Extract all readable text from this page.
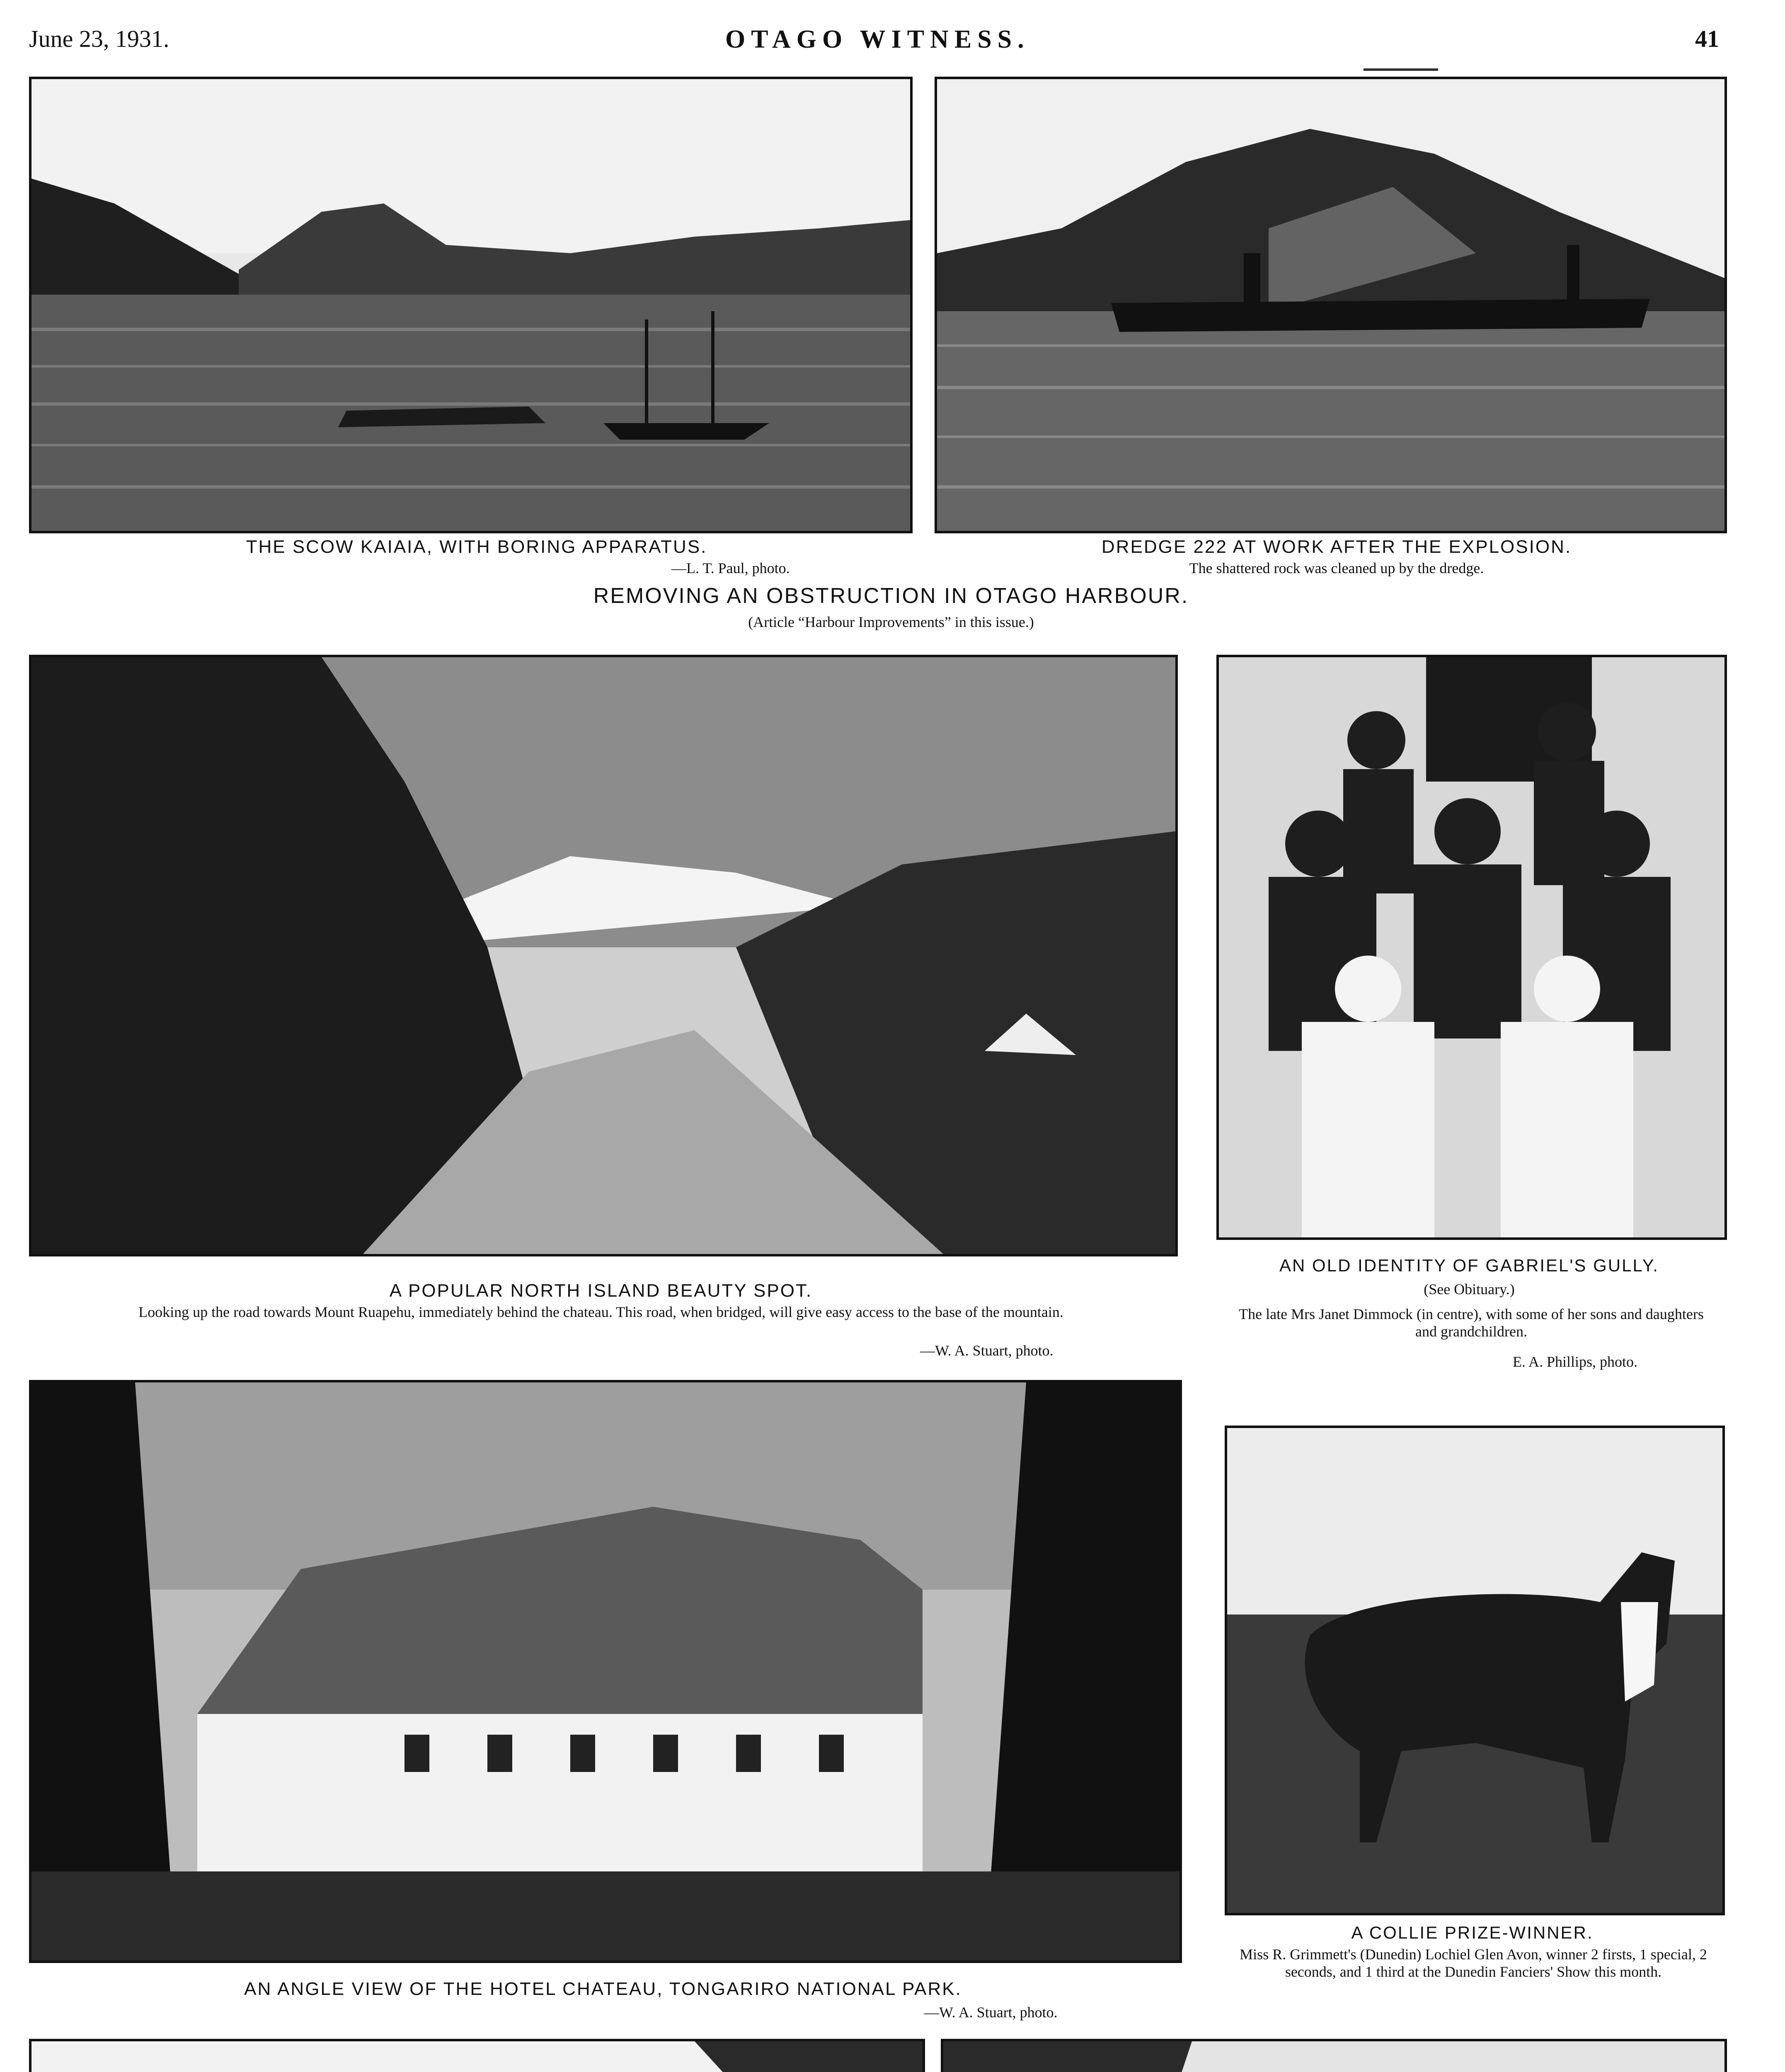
June 23, 1931.	OTAGO WITNESS.	41
THE SCOW KAIAIA, WITH BORING APPARATUS.
—L. T. Paul, photo.
DREDGE 222 AT WORK AFTER THE EXPLOSION.
The shattered rock was cleaned up by the dredge.
REMOVING AN OBSTRUCTION IN OTAGO HARBOUR.
(Article “Harbour Improvements” in this issue.)
A POPULAR NORTH ISLAND BEAUTY SPOT.
Looking up the road towards Mount Ruapehu, immediately behind the chateau. This road, when bridged, will give easy access to the base of the mountain.
—W. A. Stuart, photo.
AN OLD IDENTITY OF GABRIEL'S GULLY.
(See Obituary.)
The late Mrs Janet Dimmock (in centre), with some of her sons and daughters and grandchildren.
E. A. Phillips, photo.
A COLLIE PRIZE-WINNER.
Miss R. Grimmett's (Dunedin) Lochiel Glen Avon, winner 2 firsts, 1 special, 2 seconds, and 1 third at the Dunedin Fanciers' Show this month.
AN ANGLE VIEW OF THE HOTEL CHATEAU, TONGARIRO NATIONAL PARK.
—W. A. Stuart, photo.
